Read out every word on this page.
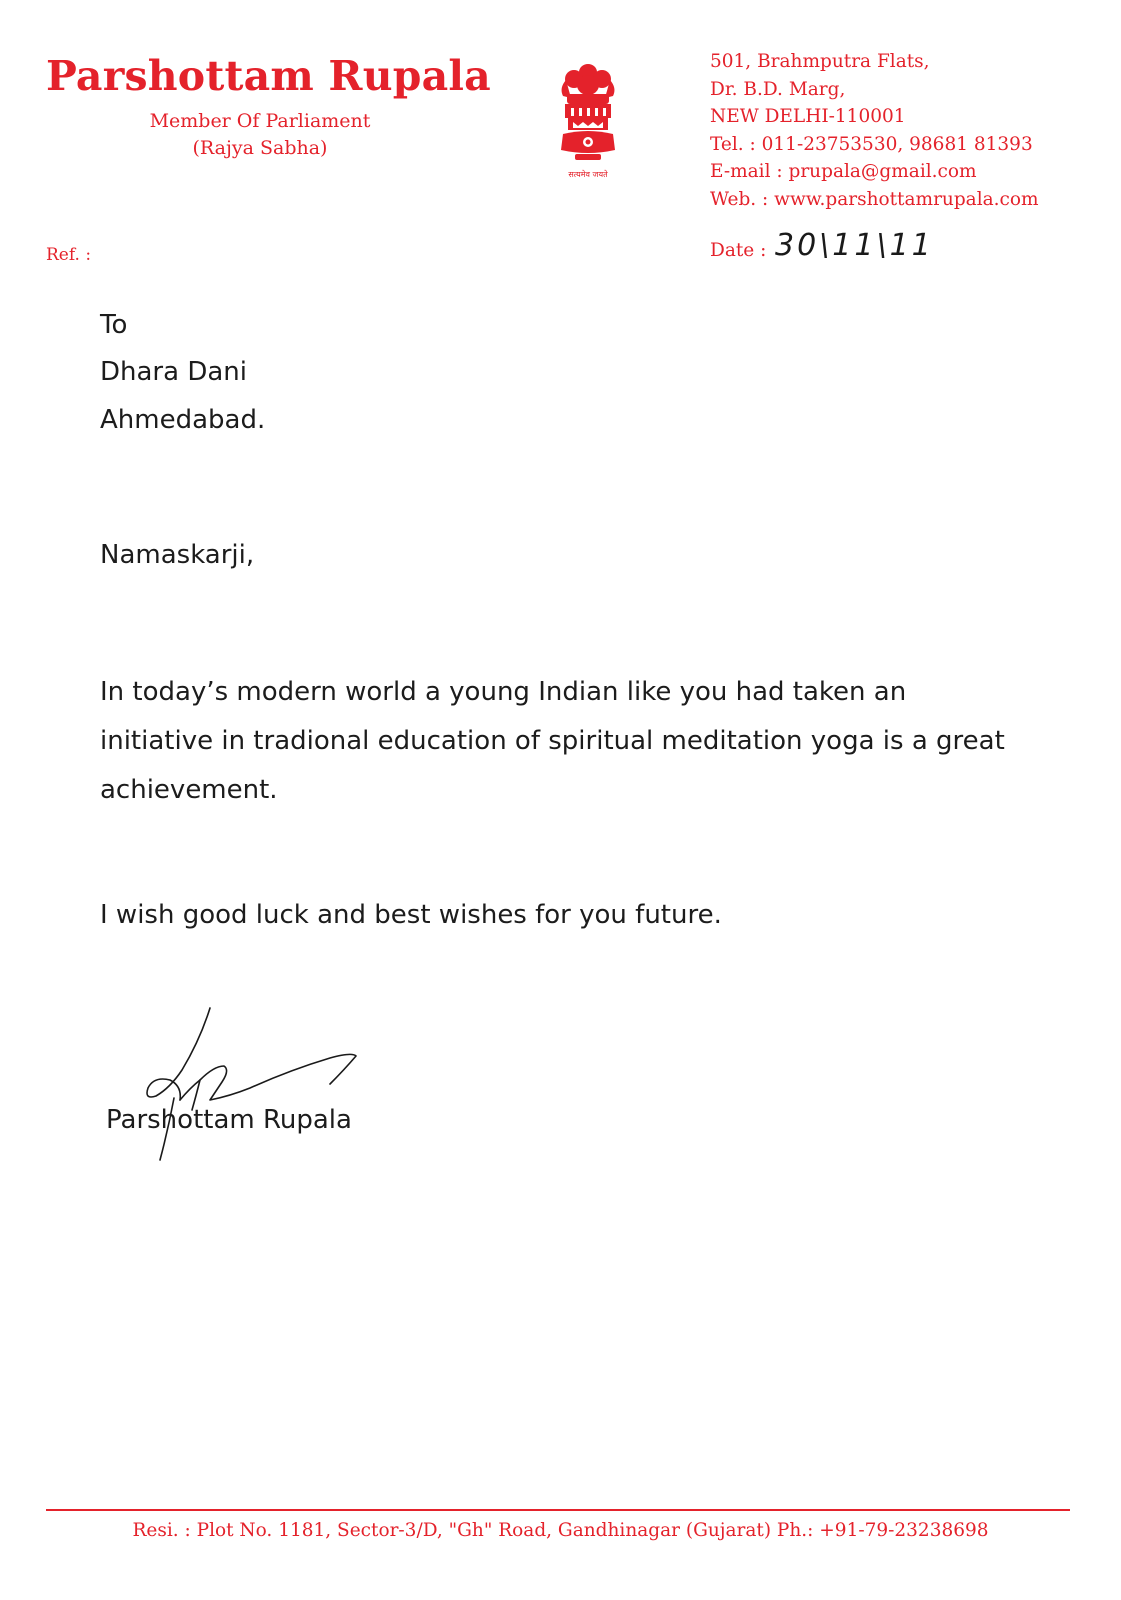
Parshottam Rupala
Member Of Parliament
(Rajya Sabha)
सत्यमेव जयते
501, Brahmputra Flats,
Dr. B.D. Marg,
NEW DELHI-110001
Tel. : 011-23753530, 98681 81393
E-mail : prupala@gmail.com
Web. : www.parshottamrupala.com
Ref. :	Date : 30\11\11

To

Dhara Dani

Ahmedabad.

Namaskarji,

In today’s modern world a young Indian like you had taken an initiative in tradional education of spiritual meditation yoga is a great achievement.

I wish good luck and best wishes for you future.

Parshottam Rupala

Resi. : Plot No. 1181, Sector-3/D, "Gh" Road, Gandhinagar (Gujarat) Ph.: +91-79-23238698
